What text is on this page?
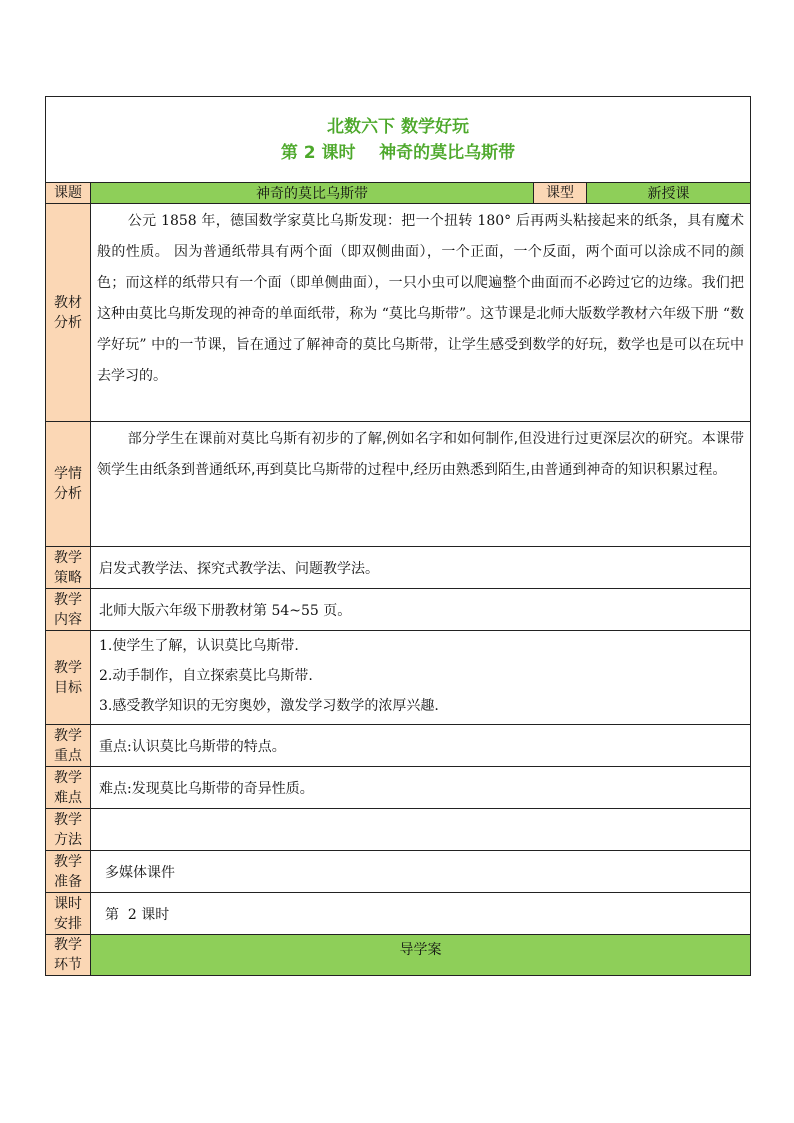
北数六下 数学好玩
第 2 课时    神奇的莫比乌斯带			

课题	神奇的莫比乌斯带	课型	新授课
教材分析	公元 1858 年，德国数学家莫比乌斯发现：把一个扭转 180° 后再两头粘接起来的纸条，具有魔术般的性质。 因为普通纸带具有两个面（即双侧曲面），一个正面，一个反面，两个面可以涂成不同的颜色；而这样的纸带只有一个面（即单侧曲面），一只小虫可以爬遍整个曲面而不必跨过它的边缘。我们把这种由莫比乌斯发现的神奇的单面纸带，称为 “莫比乌斯带”。这节课是北师大版数学教材六年级下册 “数学好玩” 中的一节课，旨在通过了解神奇的莫比乌斯带，让学生感受到数学的好玩，数学也是可以在玩中去学习的。		

学情分析	部分学生在课前对莫比乌斯有初步的了解,例如名字和如何制作,但没进行过更深层次的研究。本课带领学生由纸条到普通纸环,再到莫比乌斯带的过程中,经历由熟悉到陌生,由普通到神奇的知识积累过程。		

教学策略	启发式教学法、探究式教学法、问题教学法。		
教学内容	北师大版六年级下册教材第 54~55 页。		
教学目标	1.使学生了解，认识莫比乌斯带.
2.动手制作，自立探索莫比乌斯带.
3.感受教学知识的无穷奥妙，激发学习数学的浓厚兴趣.		

教学重点	重点:认识莫比乌斯带的特点。		
教学难点	难点:发现莫比乌斯带的奇异性质。		
教学方法			
教学准备	多媒体课件		
课时安排	第  2 课时		
教学环节	导学案		
